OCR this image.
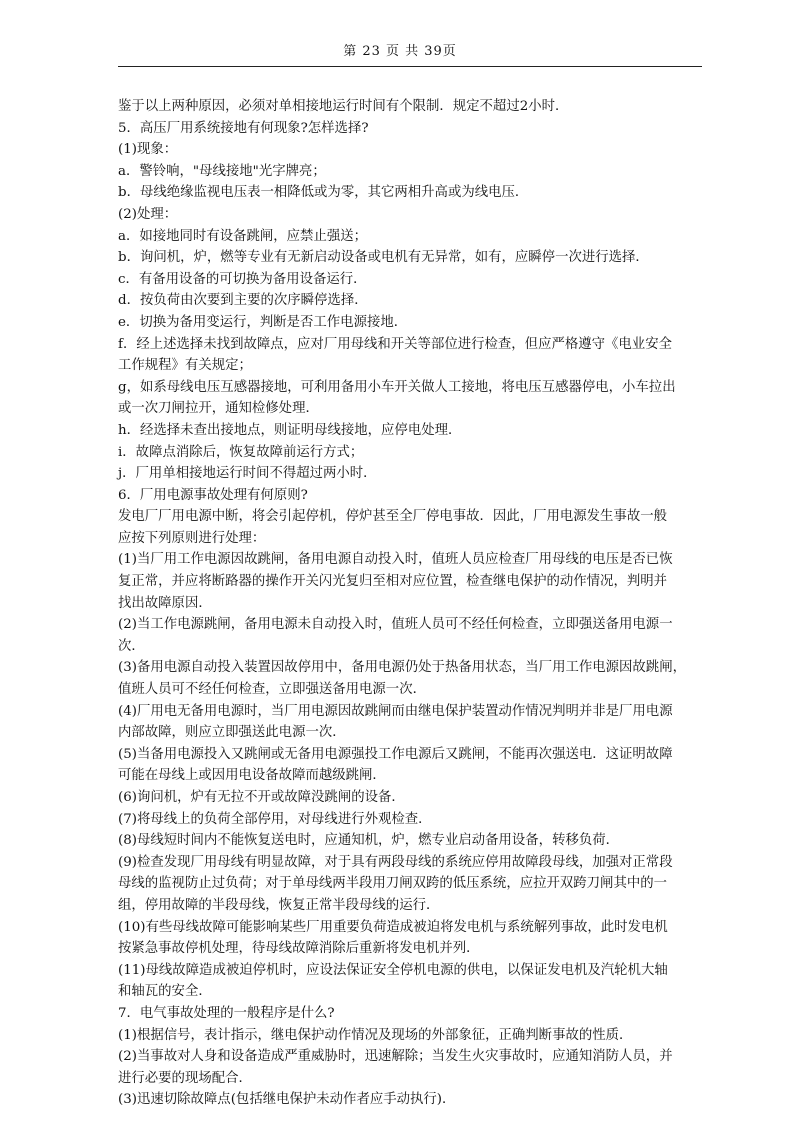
第 23 页 共 39页
鉴于以上两种原因，必须对单相接地运行时间有个限制．规定不超过2小时．
5．高压厂用系统接地有何现象?怎样选择?
(1)现象：
a．警铃响，"母线接地"光字牌亮；
b．母线绝缘监视电压表一相降低或为零，其它两相升高或为线电压．
(2)处理：
a．如接地同时有设备跳闸，应禁止强送；
b．询问机，炉，燃等专业有无新启动设备或电机有无异常，如有，应瞬停一次进行选择．
c．有备用设备的可切换为备用设备运行．
d．按负荷由次要到主要的次序瞬停选择．
e．切换为备用变运行，判断是否工作电源接地．
f．经上述选择未找到故障点，应对厂用母线和开关等部位进行检查，但应严格遵守《电业安全
工作规程》有关规定；
g，如系母线电压互感器接地，可利用备用小车开关做人工接地，将电压互感器停电，小车拉出
或一次刀闸拉开，通知检修处理．
h．经选择未查出接地点，则证明母线接地，应停电处理．
i．故障点消除后，恢复故障前运行方式；
j．厂用单相接地运行时间不得超过两小时．
6．厂用电源事故处理有何原则?
发电厂厂用电源中断，将会引起停机，停炉甚至全厂停电事故．因此，厂用电源发生事故一般
应按下列原则进行处理：
(1)当厂用工作电源因故跳闸，备用电源自动投入时，值班人员应检查厂用母线的电压是否已恢
复正常，并应将断路器的操作开关闪光复归至相对应位置，检查继电保护的动作情况，判明并
找出故障原因．
(2)当工作电源跳闸，备用电源未自动投入时，值班人员可不经任何检查，立即强送备用电源一
次．
(3)备用电源自动投入装置因故停用中，备用电源仍处于热备用状态，当厂用工作电源因故跳闸，
值班人员可不经任何检查，立即强送备用电源一次．
(4)厂用电无备用电源时，当厂用电源因故跳闸而由继电保护装置动作情况判明并非是厂用电源
内部故障，则应立即强送此电源一次．
(5)当备用电源投入又跳闸或无备用电源强投工作电源后又跳闸，不能再次强送电．这证明故障
可能在母线上或因用电设备故障而越级跳闸．
(6)询问机，炉有无拉不开或故障没跳闸的设备．
(7)将母线上的负荷全部停用，对母线进行外观检查．
(8)母线短时间内不能恢复送电时，应通知机，炉，燃专业启动备用设备，转移负荷．
(9)检查发现厂用母线有明显故障，对于具有两段母线的系统应停用故障段母线，加强对正常段
母线的监视防止过负荷；对于单母线两半段用刀闸双跨的低压系统，应拉开双跨刀闸其中的一
组，停用故障的半段母线，恢复正常半段母线的运行．
(10)有些母线故障可能影响某些厂用重要负荷造成被迫将发电机与系统解列事故，此时发电机
按紧急事故停机处理，待母线故障消除后重新将发电机并列．
(11)母线故障造成被迫停机时，应设法保证安全停机电源的供电，以保证发电机及汽轮机大轴
和轴瓦的安全．
7．电气事故处理的一般程序是什么?
(1)根据信号，表计指示，继电保护动作情况及现场的外部象征，正确判断事故的性质．
(2)当事故对人身和设备造成严重威胁时，迅速解除；当发生火灾事故时，应通知消防人员，并
进行必要的现场配合．
(3)迅速切除故障点(包括继电保护未动作者应手动执行)．
